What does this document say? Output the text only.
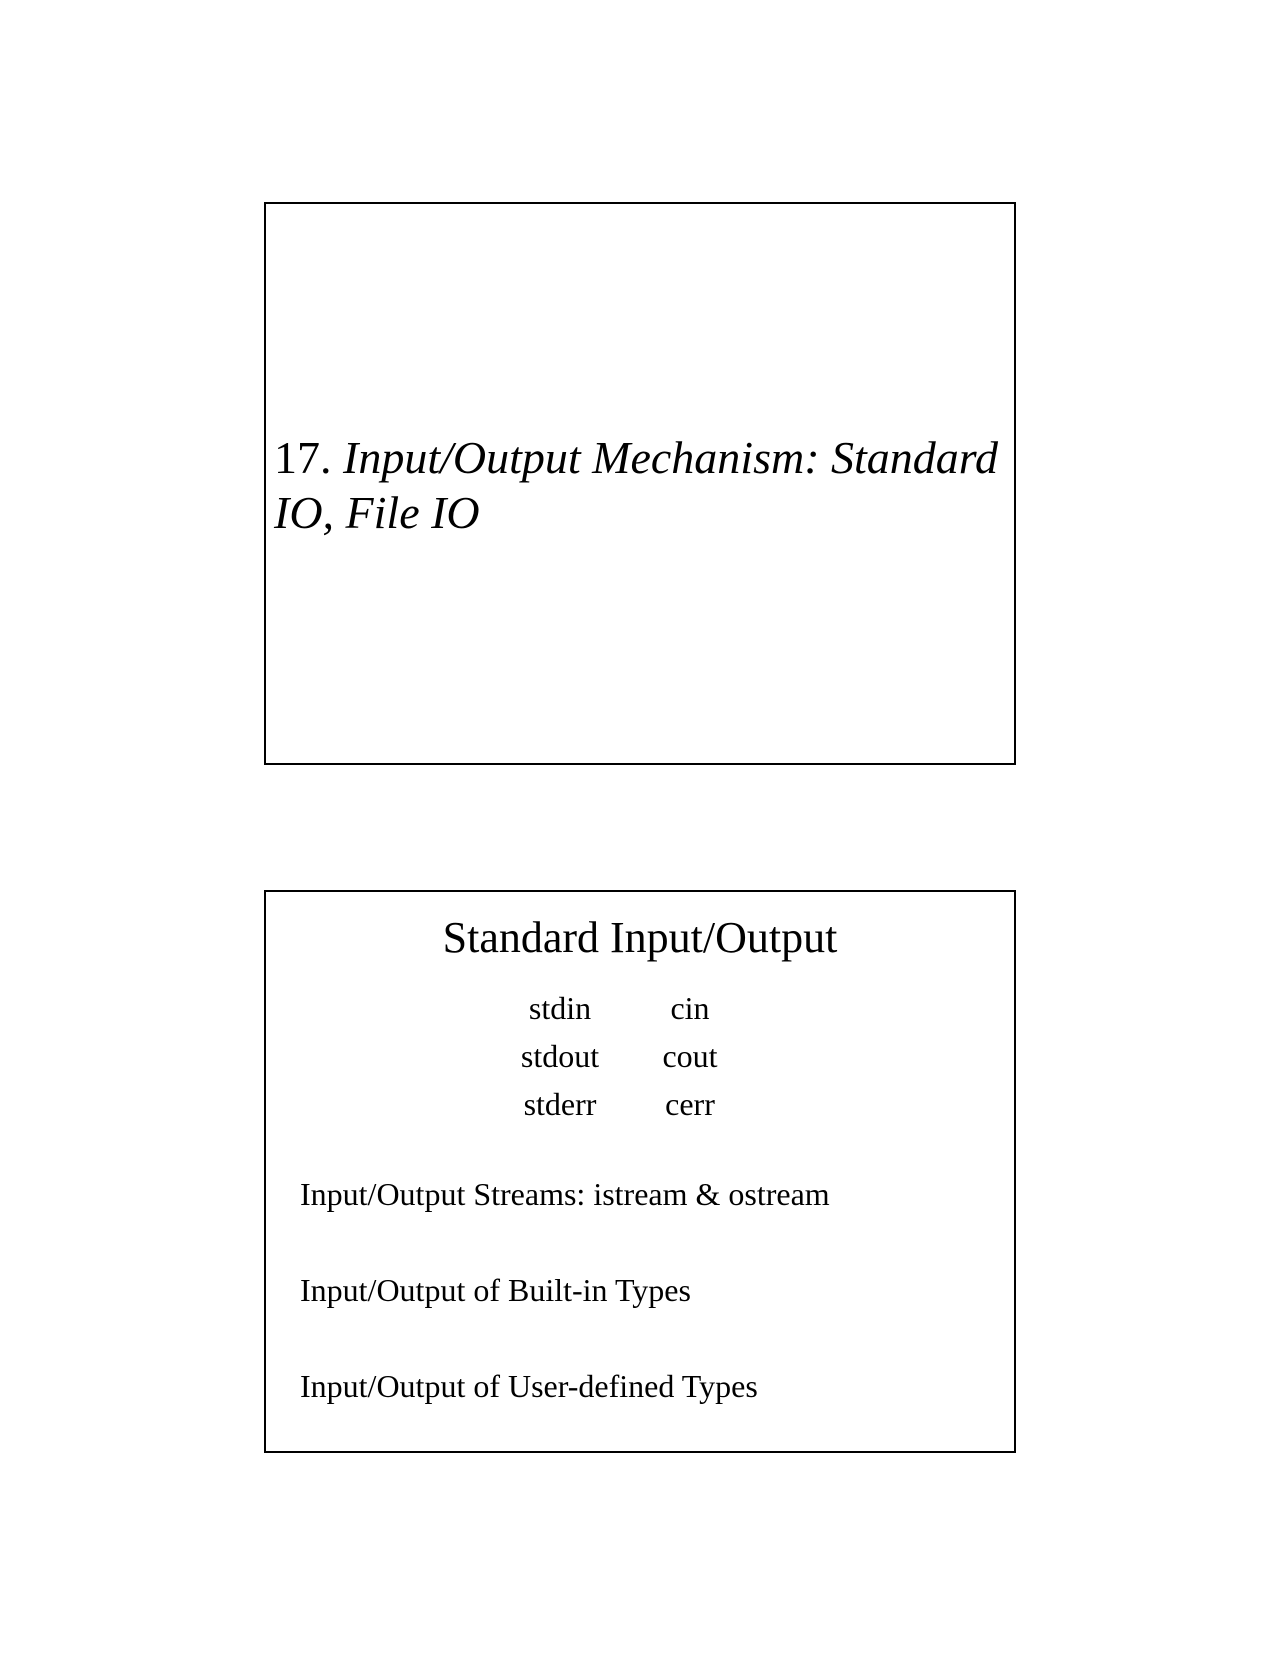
17. Input/Output Mechanism: Standard IO, File IO
Standard Input/Output
stdin	cin
stdout	cout
stderr	cerr

Input/Output Streams: istream & ostream

Input/Output of Built-in Types

Input/Output of User-defined Types
